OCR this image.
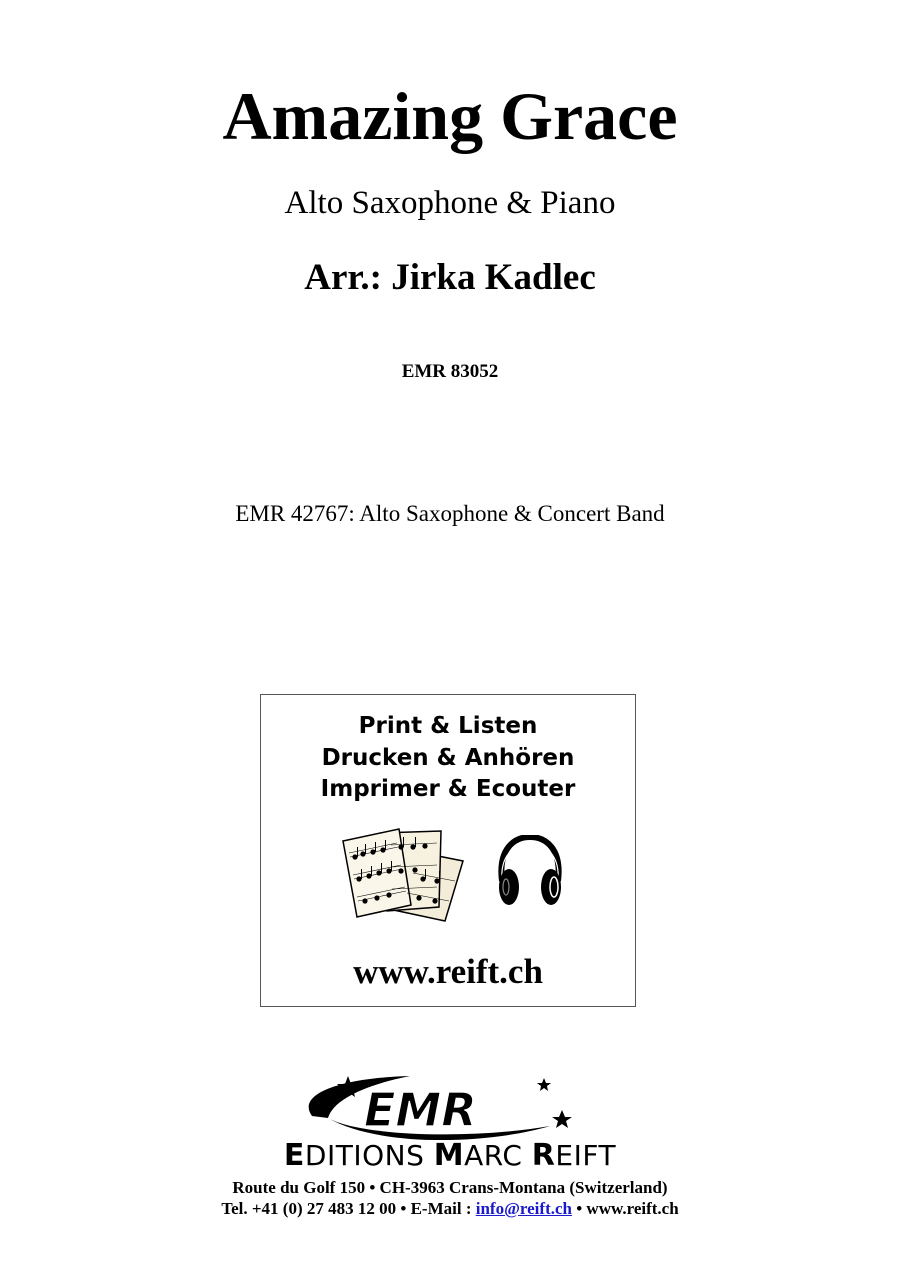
Amazing Grace
Alto Saxophone & Piano
Arr.: Jirka Kadlec
EMR 83052
EMR 42767: Alto Saxophone & Concert Band
Print & Listen
Drucken & Anhören
Imprimer & Ecouter
www.reift.ch
EMR
EDITIONS MARC REIFT
Route du Golf 150 • CH-3963 Crans-Montana (Switzerland)
Tel. +41 (0) 27 483 12 00 • E-Mail : info@reift.ch • www.reift.ch
